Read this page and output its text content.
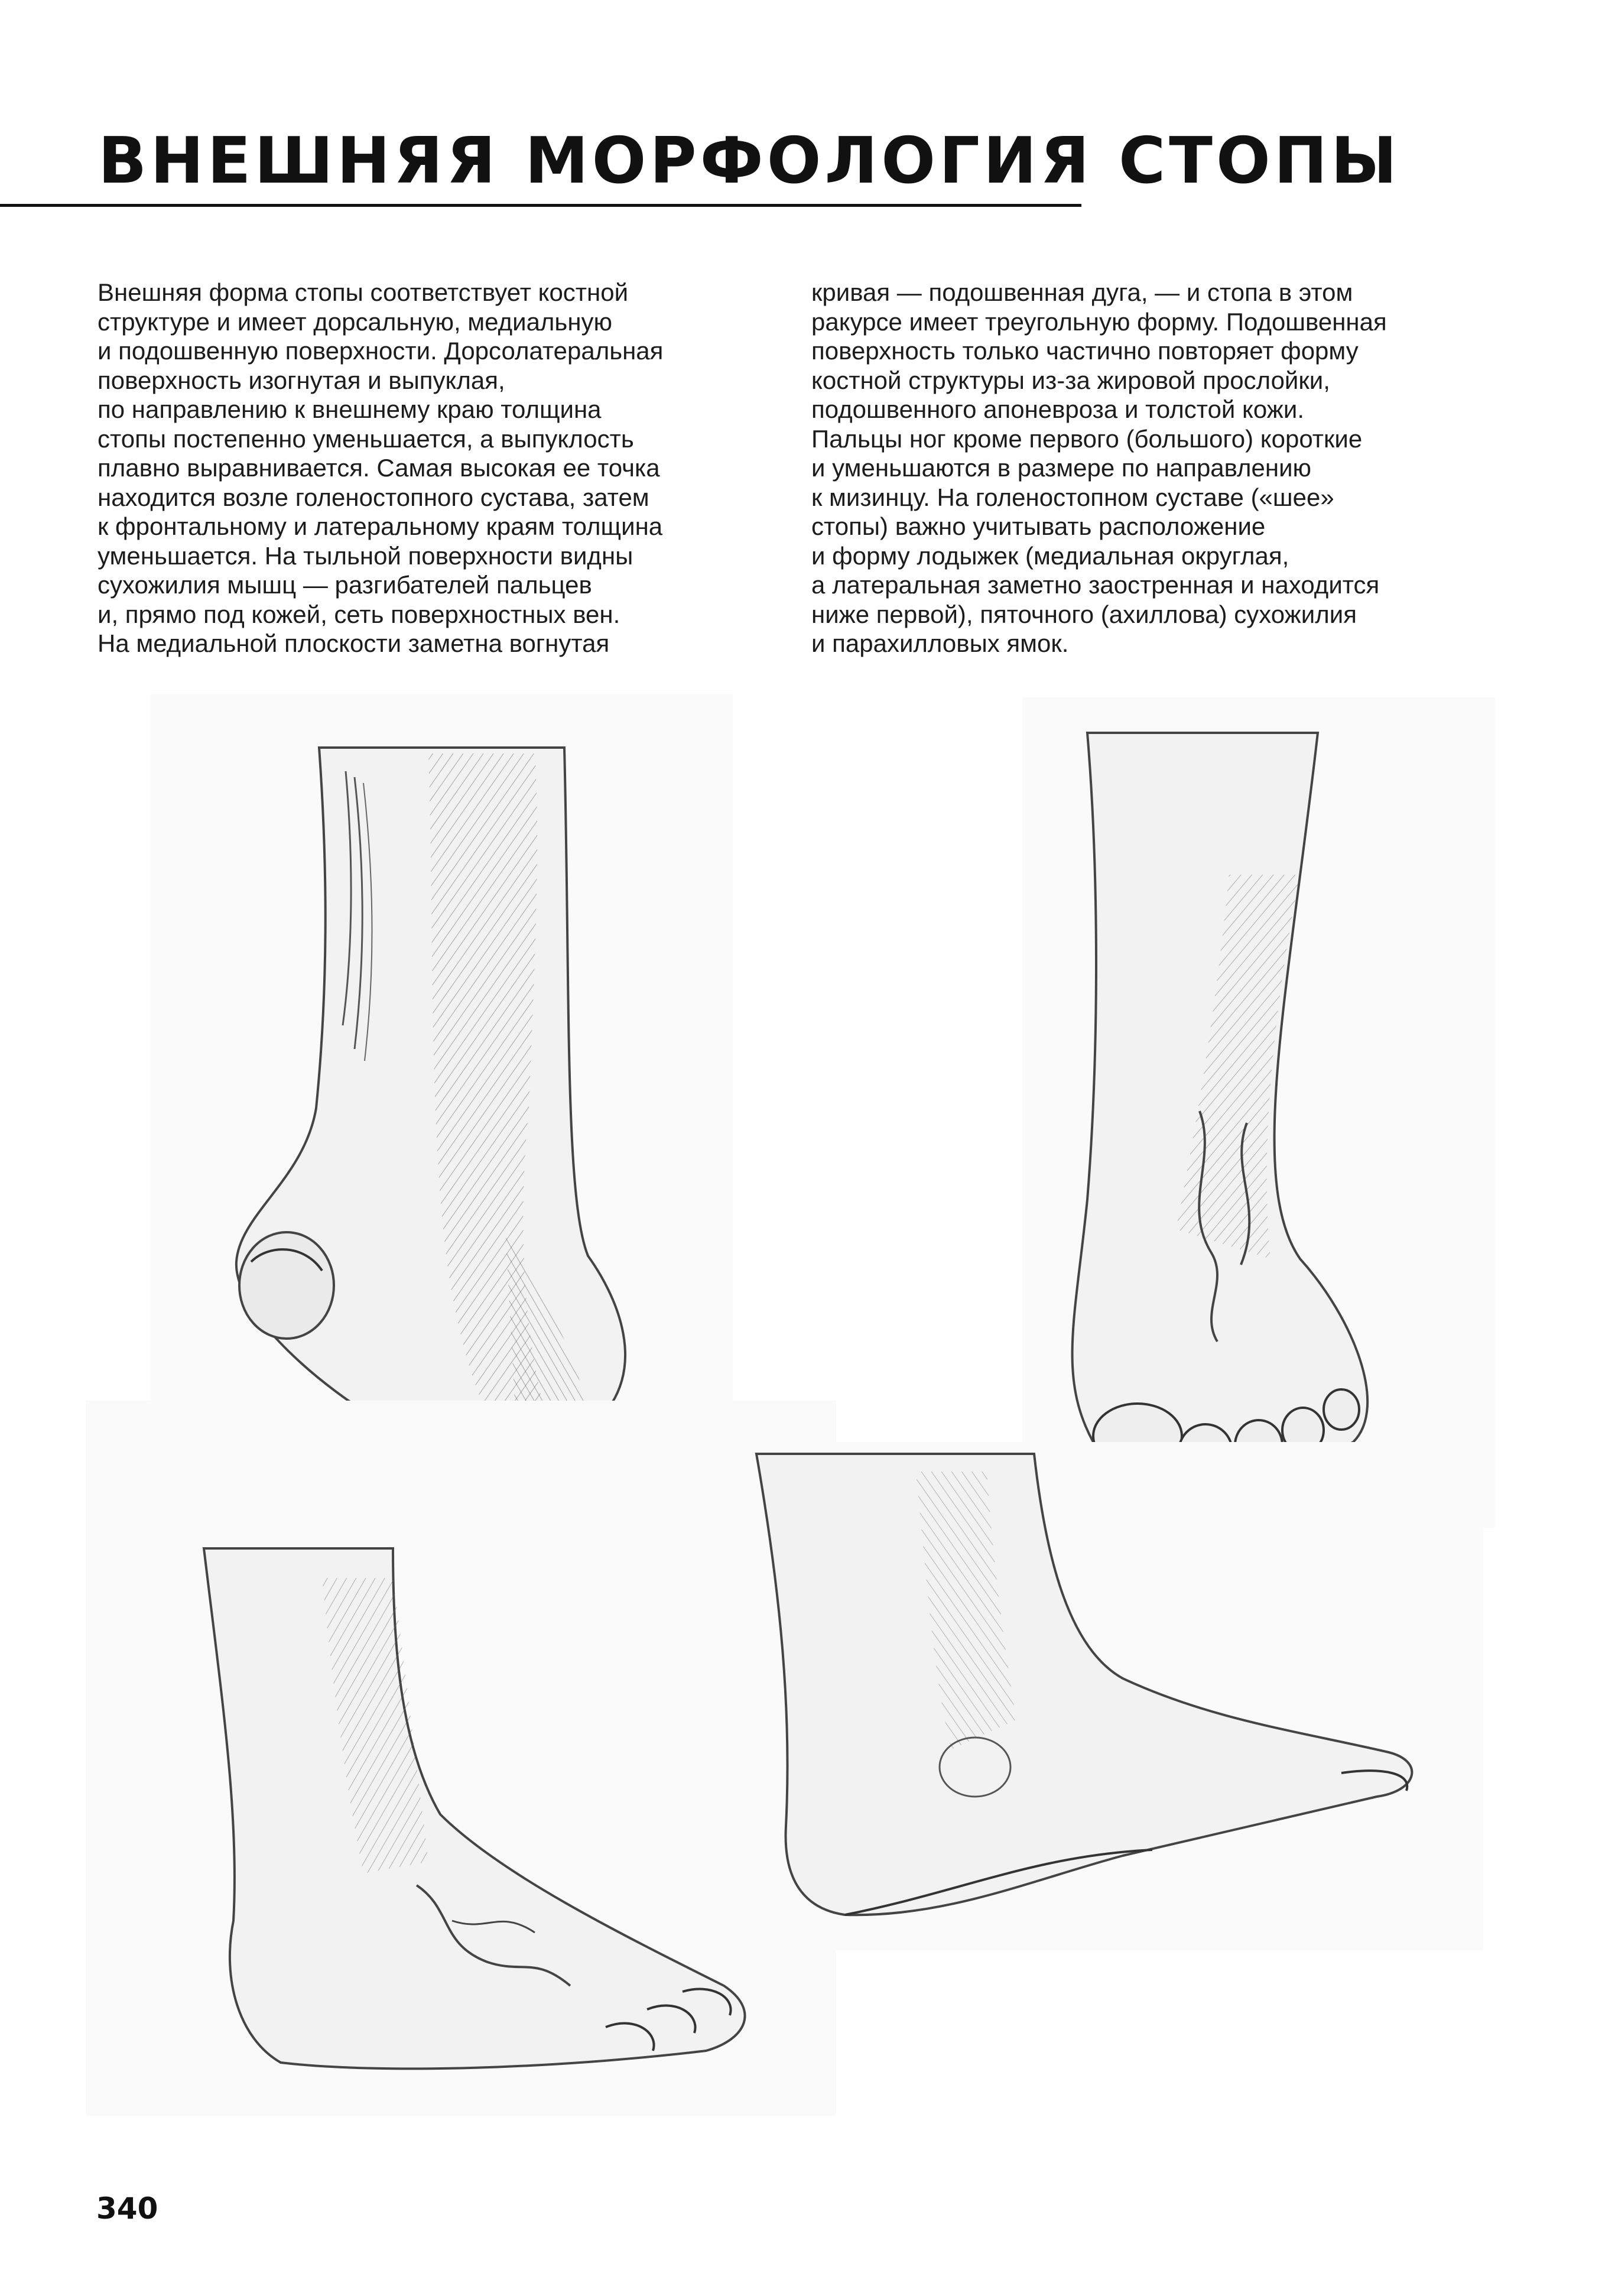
ВНЕШНЯЯ МОРФОЛОГИЯ СТОПЫ
Внешняя форма стопы соответствует костной
структуре и имеет дорсальную, медиальную
и подошвенную поверхности. Дорсолатеральная
поверхность изогнутая и выпуклая,
по направлению к внешнему краю толщина
стопы постепенно уменьшается, а выпуклость
плавно выравнивается. Самая высокая ее точка
находится возле голеностопного сустава, затем
к фронтальному и латеральному краям толщина
уменьшается. На тыльной поверхности видны
сухожилия мышц — разгибателей пальцев
и, прямо под кожей, сеть поверхностных вен.
На медиальной плоскости заметна вогнутая
кривая — подошвенная дуга, — и стопа в этом
ракурсе имеет треугольную форму. Подошвенная
поверхность только частично повторяет форму
костной структуры из-за жировой прослойки,
подошвенного апоневроза и толстой кожи.
Пальцы ног кроме первого (большого) короткие
и уменьшаются в размере по направлению
к мизинцу. На голеностопном суставе («шее»
стопы) важно учитывать расположение
и форму лодыжек (медиальная округлая,
а латеральная заметно заостренная и находится
ниже первой), пяточного (ахиллова) сухожилия
и парахилловых ямок.
340
